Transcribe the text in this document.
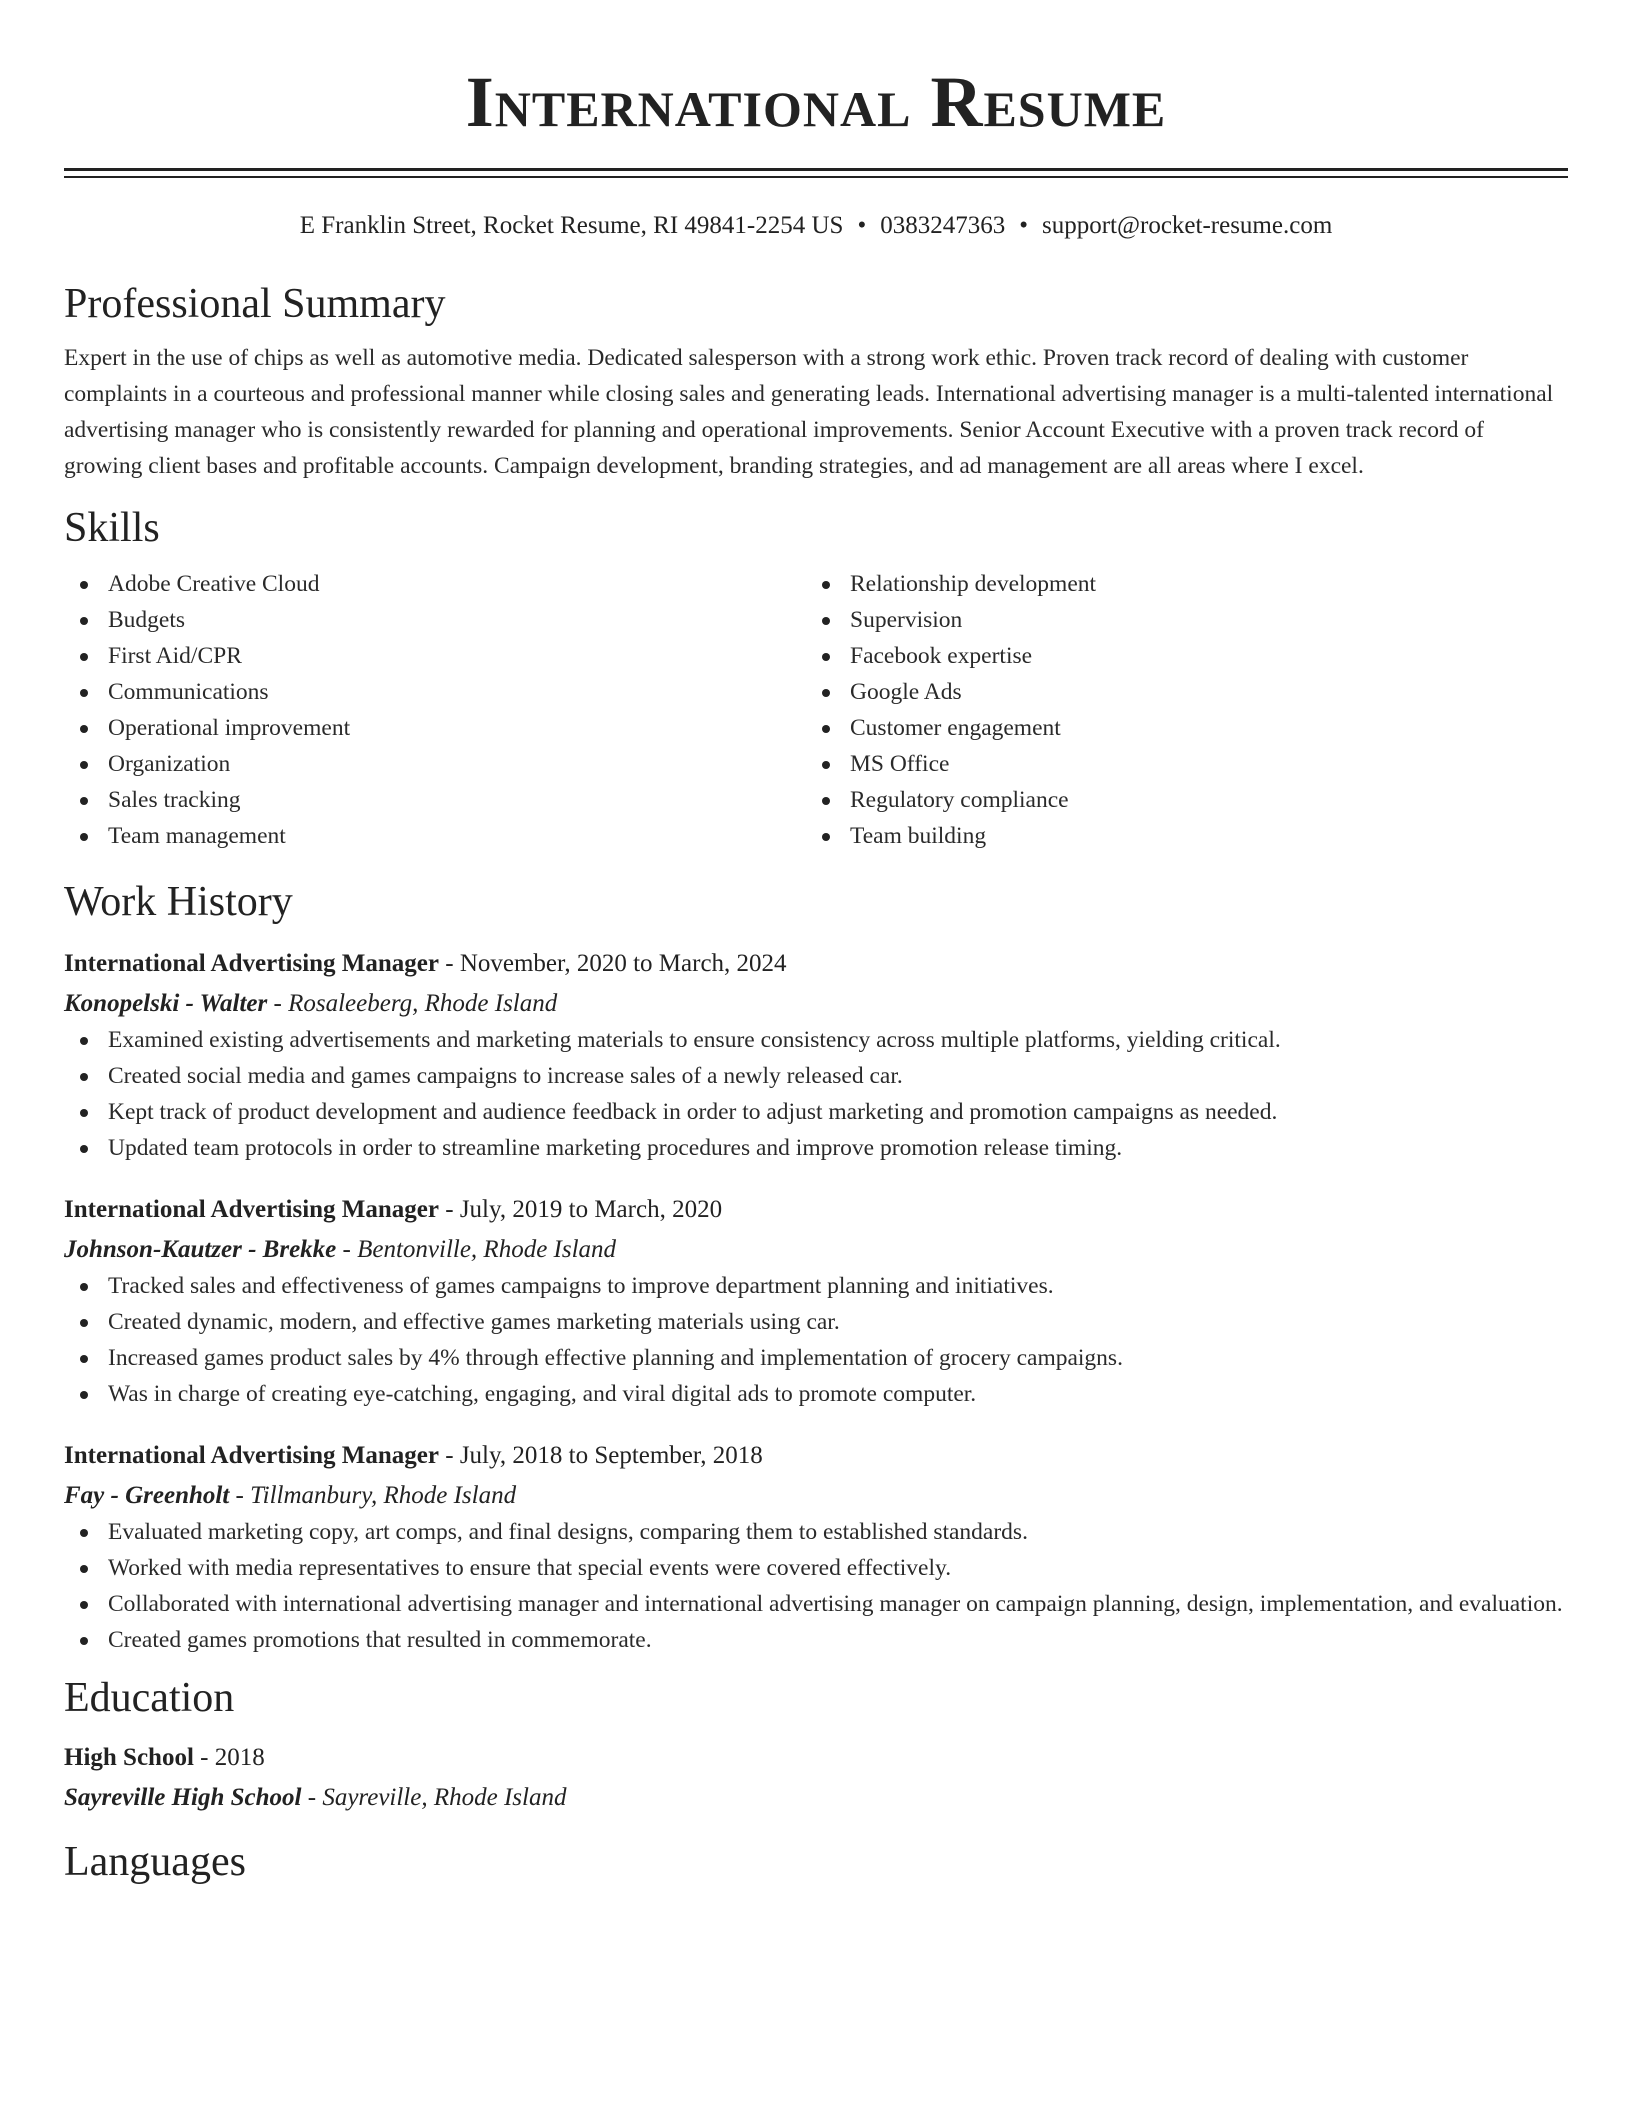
International Resume
E Franklin Street, Rocket Resume, RI 49841-2254 US • 0383247363 • support@rocket-resume.com
Professional Summary

Expert in the use of chips as well as automotive media. Dedicated salesperson with a strong work ethic. Proven track record of dealing with customer complaints in a courteous and professional manner while closing sales and generating leads. International advertising manager is a multi-talented international advertising manager who is consistently rewarded for planning and operational improvements. Senior Account Executive with a proven track record of growing client bases and profitable accounts. Campaign development, branding strategies, and ad management are all areas where I excel.

Skills
Adobe Creative Cloud
Budgets
First Aid/CPR
Communications
Operational improvement
Organization
Sales tracking
Team management
Relationship development
Supervision
Facebook expertise
Google Ads
Customer engagement
MS Office
Regulatory compliance
Team building
Work History
International Advertising Manager - November, 2020 to March, 2024
Konopelski - Walter - Rosaleeberg, Rhode Island
Examined existing advertisements and marketing materials to ensure consistency across multiple platforms, yielding critical.
Created social media and games campaigns to increase sales of a newly released car.
Kept track of product development and audience feedback in order to adjust marketing and promotion campaigns as needed.
Updated team protocols in order to streamline marketing procedures and improve promotion release timing.
International Advertising Manager - July, 2019 to March, 2020
Johnson-Kautzer - Brekke - Bentonville, Rhode Island
Tracked sales and effectiveness of games campaigns to improve department planning and initiatives.
Created dynamic, modern, and effective games marketing materials using car.
Increased games product sales by 4% through effective planning and implementation of grocery campaigns.
Was in charge of creating eye-catching, engaging, and viral digital ads to promote computer.
International Advertising Manager - July, 2018 to September, 2018
Fay - Greenholt - Tillmanbury, Rhode Island
Evaluated marketing copy, art comps, and final designs, comparing them to established standards.
Worked with media representatives to ensure that special events were covered effectively.
Collaborated with international advertising manager and international advertising manager on campaign planning, design, implementation, and evaluation.
Created games promotions that resulted in commemorate.
Education
High School - 2018
Sayreville High School - Sayreville, Rhode Island
Languages
